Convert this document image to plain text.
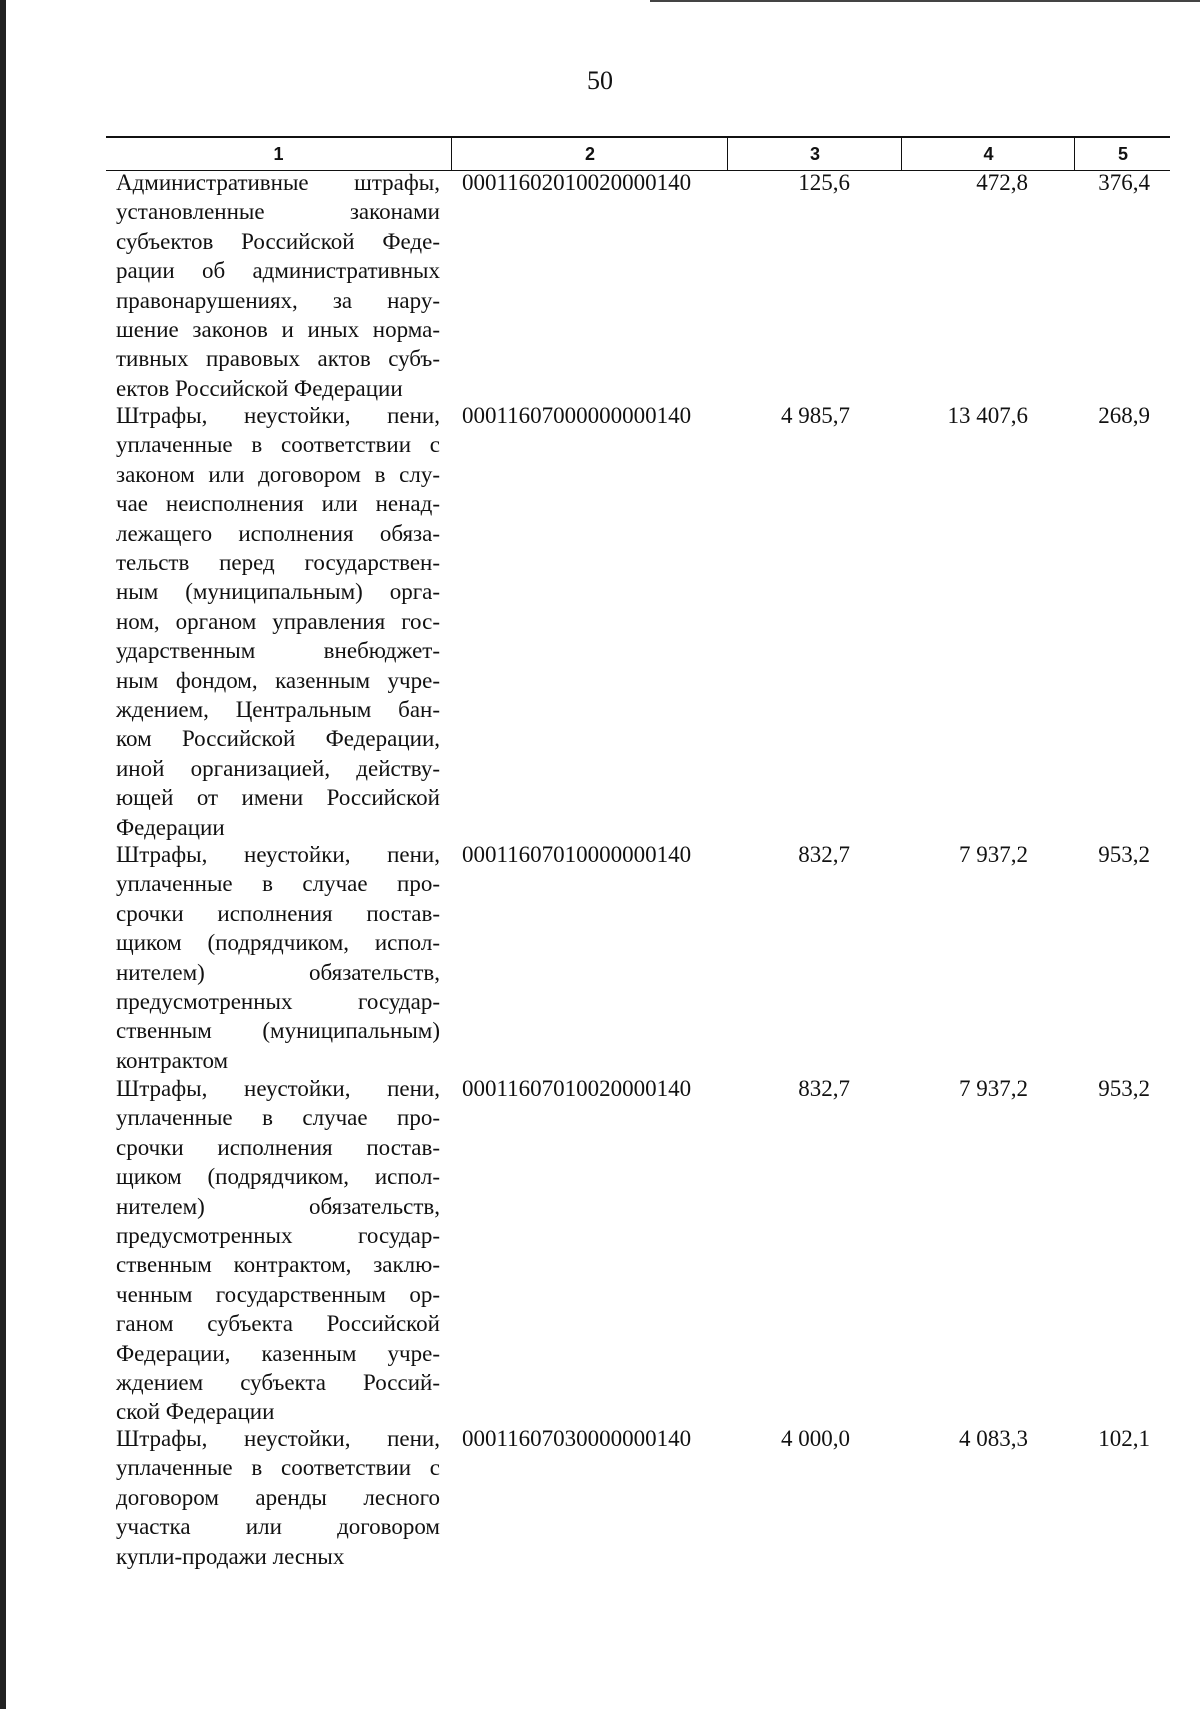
50
1	2	3	4	5
Административные штрафы,
установленные законами
субъектов Российской Феде-
рации об административных
правонарушениях, за нару-
шение законов и иных норма-
тивных правовых актов субъ-
ектов Российской Федерации
00011602010020000140	125,6	472,8	376,4
Штрафы, неустойки, пени,
уплаченные в соответствии с
законом или договором в слу-
чае неисполнения или ненад-
лежащего исполнения обяза-
тельств перед государствен-
ным (муниципальным) орга-
ном, органом управления гос-
ударственным внебюджет-
ным фондом, казенным учре-
ждением, Центральным бан-
ком Российской Федерации,
иной организацией, действу-
ющей от имени Российской
Федерации
00011607000000000140	4 985,7	13 407,6	268,9
Штрафы, неустойки, пени,
уплаченные в случае про-
срочки исполнения постав-
щиком (подрядчиком, испол-
нителем) обязательств,
предусмотренных государ-
ственным (муниципальным)
контрактом
00011607010000000140	832,7	7 937,2	953,2
Штрафы, неустойки, пени,
уплаченные в случае про-
срочки исполнения постав-
щиком (подрядчиком, испол-
нителем) обязательств,
предусмотренных государ-
ственным контрактом, заклю-
ченным государственным ор-
ганом субъекта Российской
Федерации, казенным учре-
ждением субъекта Россий-
ской Федерации
00011607010020000140	832,7	7 937,2	953,2
Штрафы, неустойки, пени,
уплаченные в соответствии с
договором аренды лесного
участка или договором
купли-продажи лесных
00011607030000000140	4 000,0	4 083,3	102,1
